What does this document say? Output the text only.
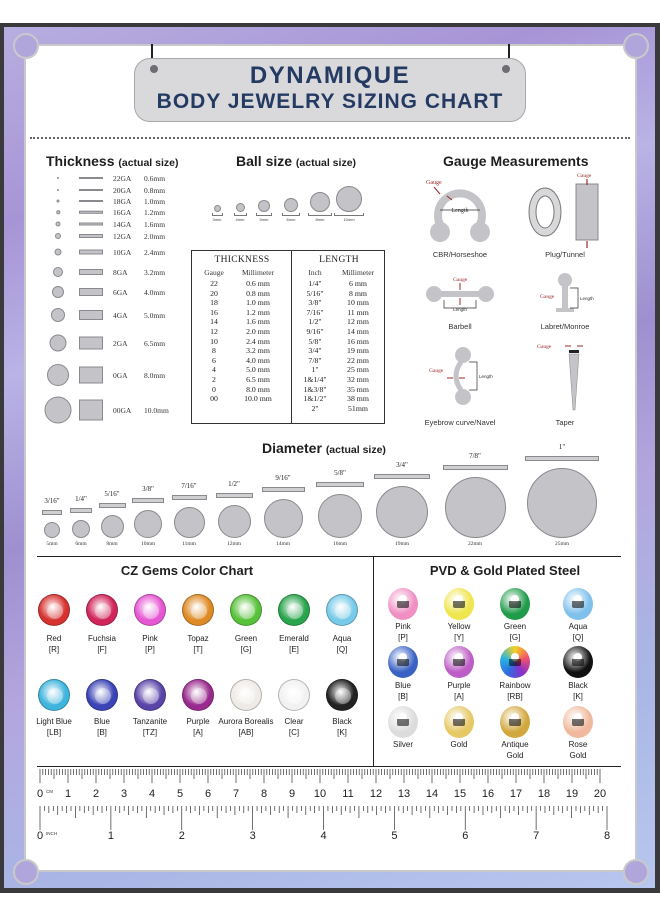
DYNAMIQUE
BODY JEWELRY SIZING CHART
Thickness (actual size)
22GA 0.6mm
20GA 0.8mm
18GA 1.0mm
16GA 1.2mm
14GA 1.6mm
12GA 2.0mm
10GA 2.4mm
8GA 3.2mm
6GA 4.0mm
4GA 5.0mm
2GA 6.5mm
0GA 8.0mm
00GA 10.0mm
Ball size (actual size)
3mm	4mm	5mm	6mm	8mm	10mm
THICKNESS
Gauge	Millimeter
22	0.6 mm
20	0.8 mm
18	1.0 mm
16	1.2 mm
14	1.6 mm
12	2.0 mm
10	2.4 mm
8	3.2 mm
6	4.0 mm
4	5.0 mm
2	6.5 mm
0	8.0 mm
00	10.0 mm
LENGTH
Inch	Millimeter
1/4"	6 mm
5/16"	8 mm
3/8"	10 mm
7/16"	11 mm
1/2"	12 mm
9/16"	14 mm
5/8"	16 mm
3/4"	19 mm
7/8"	22 mm
1"	25 mm
1&1/4"	32 mm
1&3/8"	35 mm
1&1/2"	38 mm
2"	51mm
Gauge Measurements
Length
Gauge
CBR/Horseshoe
Gauge
Plug/Tunnel
Gauge
Length
Barbell
Gauge	Length
Labret/Monroe
Gauge
Length
Eyebrow curve/Navel
Gauge
Taper
Diameter (actual size)
3/16"
5mm
1/4"
6mm
5/16"
8mm
3/8"
10mm
7/16"
11mm
1/2"
12mm
9/16"
14mm
5/8"
16mm
3/4"
19mm
7/8"
22mm
1"
25mm
CZ Gems Color Chart
Red
[R]
Fuchsia
[F]
Pink
[P]
Topaz
[T]
Green
[G]
Emerald
[E]
Aqua
[Q]
Light Blue
[LB]
Blue
[B]
Tanzanite
[TZ]
Purple
[A]
Aurora Borealis
[AB]
Clear
[C]
Black
[K]
PVD & Gold Plated Steel
Pink
[P]
Yellow
[Y]
Green
[G]
Aqua
[Q]
Blue
[B]
Purple
[A]
Rainbow
[RB]
Black
[K]
Silver	Gold	Antique
Gold
Rose
Gold
0 1 2 3 4 5 6 7 8 9 10 11 12 13 14 15 16 17 18 19 20
CM
0	1	2	3	4	5	6	7	8
INCH
